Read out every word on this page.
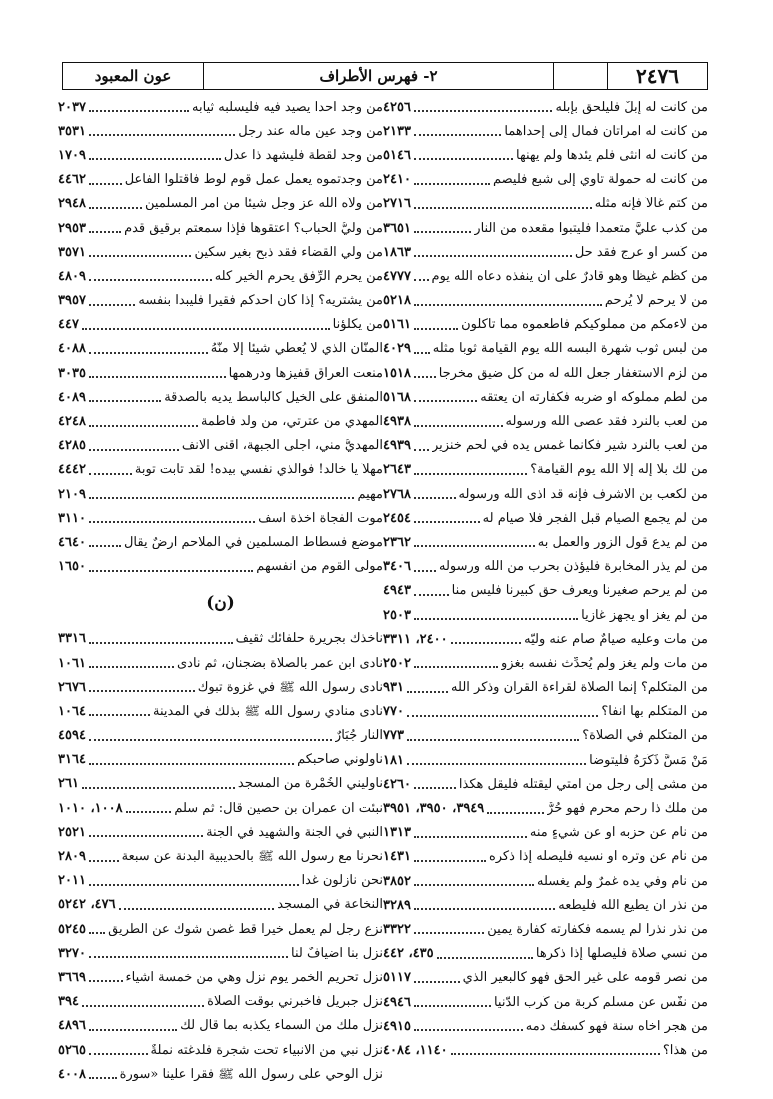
٢٤٧٦
٢- فهرس الأطراف
عون المعبود
من كانت له إبلٌ فليلحق بإبله
٤٢٥٦
من كانت له امرأتان فمال إلى إحداهما
٢١٣٣
من كانت له أنثى فلم يئدها ولم يهنها
٥١٤٦
من كانت له حمولة تأوي إلى شبع فليصم
٢٤١٠
من كتم غالاً فإنه مثله
٢٧١٦
من كذب عليَّ متعمداً فليتبوأ مقعده من النار
٣٦٥١
من كُسر أو عرج فقد حل
١٨٦٣
من كظم غيظاً وهو قادرٌ على أن ينفذه دعاه الله يوم
٤٧٧٧
من لا يرحم لا يُرحم
٥٢١٨
من لاءمكم من مملوكيكم فأطعموه مما تأكلون
٥١٦١
من لبس ثوب شهرة ألبسه الله يوم القيامة ثوباً مثله
٤٠٢٩
من لزم الاستغفار جعل الله له من كل ضيق مخرجاً
١٥١٨
من لطم مملوكه أو ضربه فكفارته أن يعتقه
٥١٦٨
من لعب بالنرد فقد عصى الله ورسوله
٤٩٣٨
من لعب بالنرد شير فكأنما غمس يده في لحم خنزير
٤٩٣٩
من لك بلا إله إلا الله يوم القيامة؟
٢٦٤٣
من لكعب بن الأشرف فإنه قد آذى الله ورسوله
٢٧٦٨
من لم يجمع الصيام قبل الفجر فلا صيام له
٢٤٥٤
من لم يدع قول الزور والعمل به
٢٣٦٢
من لم يذر المخابرة فليؤذن بحرب من الله ورسوله
٣٤٠٦
من لم يرحم صغيرنا ويعرف حق كبيرنا فليس منا
٤٩٤٣
من لم يغز أو يجهز غازياً
٢٥٠٣
من مات وعليه صيامٌ صام عنه وليُّه
٢٤٠٠، ٣٣١١
من مات ولم يغز ولم يُحدِّث نفسه بغزو
٢٥٠٢
من المتكلم؟ إنما الصلاة لقراءة القرآن وذكر الله
٩٣١
من المتكلم بها آنفاً؟
٧٧٠
من المتكلم في الصلاة؟
٧٧٣
مَنْ مَسَّ ذَكَرَهُ فليتوضأ
١٨١
من مشى إلى رجل من أمتي ليقتله فليقل هكذا
٤٢٦٠
من ملك ذا رحم محرم فهو حُرٌّ
٣٩٤٩، ٣٩٥٠، ٣٩٥١
من نام عن حزبه أو عن شيءٍ منه
١٣١٣
من نام عن وتره أو نسيه فليصله إذا ذكره
١٤٣١
من نام وفي يده غمرٌ ولم يغسله
٣٨٥٢
من نذر أن يطيع الله فليطعه
٣٢٨٩
من نذر نذراً لم يسمه فكفارته كفارة يمين
٣٣٢٢
من نسي صلاة فليصلها إذا ذكرها
٤٣٥، ٤٤٢
من نصر قومه على غير الحق فهو كالبعير الذي
٥١١٧
من نفَّس عن مسلم كربة من كُرب الدُّنيا
٤٩٤٦
من هجر أخاه سنة فهو كسفك دمه
٤٩١٥
من هذا؟
١١٤٠، ٤٠٨٤
من وجد أحداً يصيد فيه فليسلبه ثيابه
٢٠٣٧
من وجد عين ماله عند رجل
٣٥٣١
من وجد لقطة فليشهد ذا عدل
١٧٠٩
من وجدتموه يعمل عمل قوم لوط فاقتلوا الفاعل
٤٤٦٢
من ولاَّه الله عز وجل شيئاً من أمر المسلمين
٢٩٤٨
من وليُّ الحباب؟ اعتقوها فإذا سمعتم برقيق قدم
٢٩٥٣
من ولي القضاء فقد ذبح بغير سكين
٣٥٧١
من يحرم الرِّفق يحرم الخير كله
٤٨٠٩
من يشتريه؟ إذا كان أحدكم فقيراً فليبدأ بنفسه
٣٩٥٧
من يكلؤنا
٤٤٧
المنّان الذي لا يُعطي شيئاً إلا منَّهُ
٤٠٨٨
منعت العراق قفيزها ودرهمها
٣٠٣٥
المنفق على الخيل كالباسط يديه بالصدقة
٤٠٨٩
المهدي من عترتي، من ولد فاطمة
٤٢٤٨
المهديُّ مني، أجلى الجبهة، أقنى الأنف
٤٢٨٥
مهلاً يا خالد! فوالذي نفسي بيده! لقد تابت توبة
٤٤٤٢
مهيم
٢١٠٩
موت الفجأة أخذة أسف
٣١١٠
موضع فسطاط المسلمين في الملاحم أرضٌ يقال
٤٦٤٠
مولى القوم من أنفسهم
١٦٥٠
(ن)
نأخذك بجريرة حلفائك ثقيف
٣٣١٦
نادى ابن عمر بالصلاة بضجنان، ثم نادى
١٠٦١
نادى رسول الله ﷺ في غزوة تبوك
٢٦٧٦
نادى منادي رسول الله ﷺ بذلك في المدينة
١٠٦٤
النار جُبَارٌ
٤٥٩٤
ناولوني صاحبكم
٣١٦٤
ناوليني الخُمْرة من المسجد
٢٦١
نبئت أن عمران بن حصين قال: ثم سلم
١٠٠٨، ١٠١٠
النبي في الجنة والشهيد في الجنة
٢٥٢١
نحرنا مع رسول الله ﷺ بالحديبية البدنة عن سبعة
٢٨٠٩
نحن نازلون غداً
٢٠١١
النخاعة في المسجد
٤٧٦، ٥٢٤٢
نزع رجل لم يعمل خيراً قط غصن شوك عن الطريق
٥٢٤٥
نزل بنا أضيافٌ لنا
٣٢٧٠
نزل تحريم الخمر يوم نزل وهي من خمسة أشياء
٣٦٦٩
نزل جبريل فأخبرني بوقت الصلاة
٣٩٤
نزل ملك من السماء يكذبه بما قال لك
٤٨٩٦
نزل نبي من الأنبياء تحت شجرة فلدغته نملةٌ
٥٢٦٥
نزل الوحي على رسول الله ﷺ فقرأ علينا «سورة
٤٠٠٨
